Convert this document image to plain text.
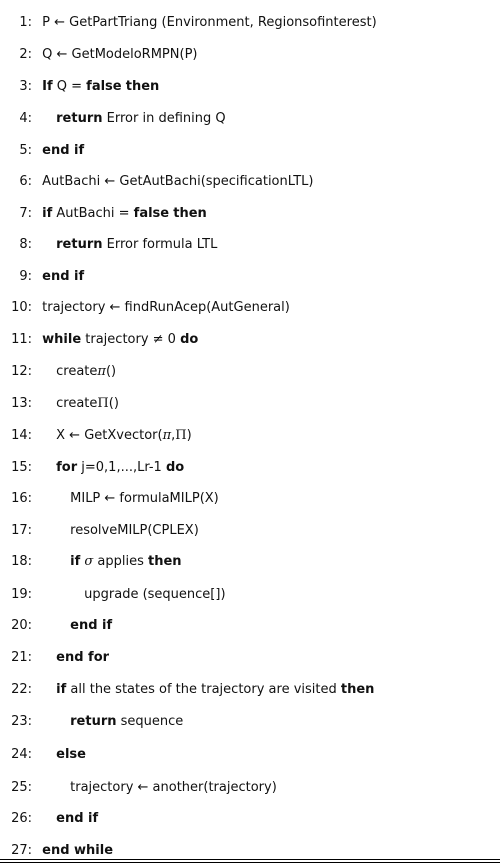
1: P ← GetPartTriang (Environment, Regionsofinterest)
2: Q ← GetModeloRMPN(P)
3: If Q = false then
4: return Error in defining Q
5: end if
6: AutBachi ← GetAutBachi(specificationLTL)
7: if AutBachi = false then
8: return Error formula LTL
9: end if
10: trajectory ← findRunAcep(AutGeneral)
11: while trajectory ≠ 0 do
12: createπ()
13: createΠ()
14: X ← GetXvector(π,Π)
15: for j=0,1,...,Lr-1 do
16:	MILP ← formulaMILP(X)
17:	resolveMILP(CPLEX)
18:	if σ applies then
19:	upgrade (sequence[])
20:	end if
21: end for
22: if all the states of the trajectory are visited then
23:	return sequence
24: else
25:	trajectory ← another(trajectory)
26: end if
27: end while
